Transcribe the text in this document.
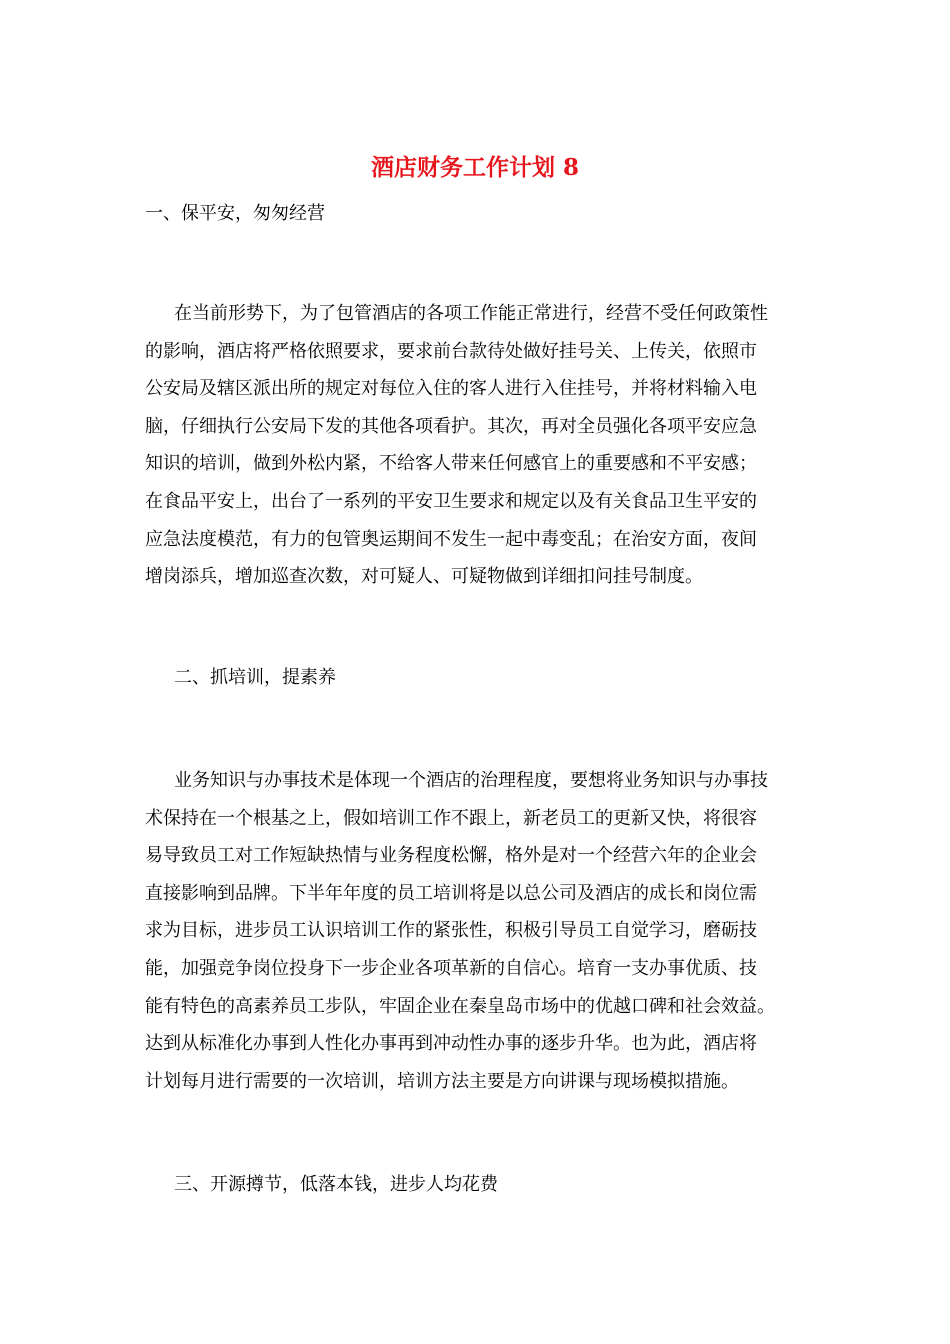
酒店财务工作计划 8

一、保平安，匆匆经营

在当前形势下，为了包管酒店的各项工作能正常进行，经营不受任何政策性
的影响，酒店将严格依照要求，要求前台款待处做好挂号关、上传关，依照市
公安局及辖区派出所的规定对每位入住的客人进行入住挂号，并将材料输入电
脑，仔细执行公安局下发的其他各项看护。其次，再对全员强化各项平安应急
知识的培训，做到外松内紧，不给客人带来任何感官上的重要感和不平安感；
在食品平安上，出台了一系列的平安卫生要求和规定以及有关食品卫生平安的
应急法度模范，有力的包管奥运期间不发生一起中毒变乱；在治安方面，夜间
增岗添兵，增加巡查次数，对可疑人、可疑物做到详细扣问挂号制度。

二、抓培训，提素养

业务知识与办事技术是体现一个酒店的治理程度，要想将业务知识与办事技
术保持在一个根基之上，假如培训工作不跟上，新老员工的更新又快，将很容
易导致员工对工作短缺热情与业务程度松懈，格外是对一个经营六年的企业会
直接影响到品牌。下半年年度的员工培训将是以总公司及酒店的成长和岗位需
求为目标，进步员工认识培训工作的紧张性，积极引导员工自觉学习，磨砺技
能，加强竞争岗位投身下一步企业各项革新的自信心。培育一支办事优质、技
能有特色的高素养员工步队，牢固企业在秦皇岛市场中的优越口碑和社会效益。
达到从标准化办事到人性化办事再到冲动性办事的逐步升华。也为此，酒店将
计划每月进行需要的一次培训，培训方法主要是方向讲课与现场模拟措施。

三、开源撙节，低落本钱，进步人均花费
